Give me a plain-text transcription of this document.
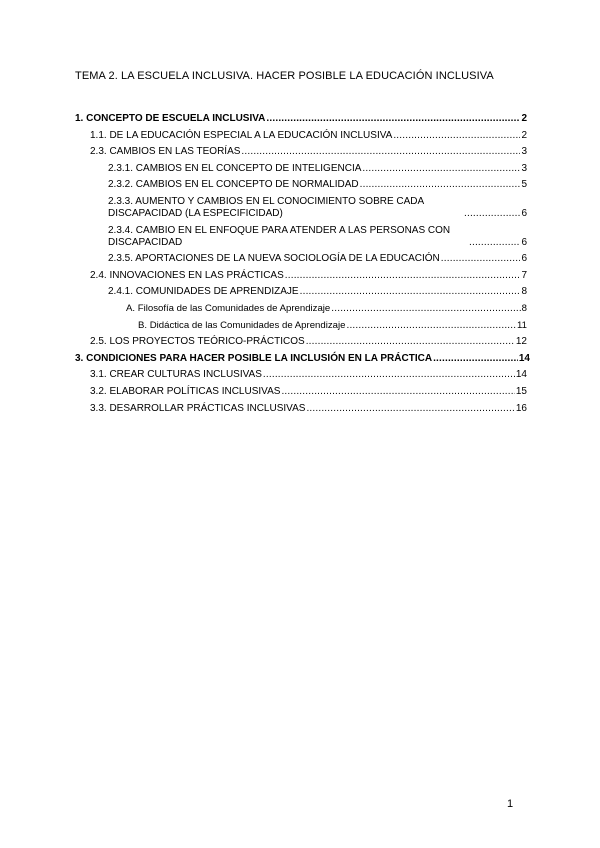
TEMA 2. LA ESCUELA INCLUSIVA. HACER POSIBLE LA EDUCACIÓN INCLUSIVA
1. CONCEPTO DE ESCUELA INCLUSIVA .....	2
1.1. DE LA EDUCACIÓN ESPECIAL A LA EDUCACIÓN INCLUSIVA .....	2
2.3. CAMBIOS EN LAS TEORÍAS .....	3
2.3.1. CAMBIOS EN EL CONCEPTO DE INTELIGENCIA .....	3
2.3.2. CAMBIOS EN EL CONCEPTO DE NORMALIDAD .....	5
2.3.3. AUMENTO Y CAMBIOS EN EL CONOCIMIENTO SOBRE CADA DISCAPACIDAD (LA ESPECIFICIDAD) .....	6
2.3.4. CAMBIO EN EL ENFOQUE PARA ATENDER A LAS PERSONAS CON DISCAPACIDAD .....	6
2.3.5. APORTACIONES DE LA NUEVA SOCIOLOGÍA DE LA EDUCACIÓN .....	6
2.4. INNOVACIONES EN LAS PRÁCTICAS .....	7
2.4.1. COMUNIDADES DE APRENDIZAJE .....	8
A. Filosofía de las Comunidades de Aprendizaje .....	8
B. Didáctica de las Comunidades de Aprendizaje .....	11
2.5. LOS PROYECTOS TEÓRICO-PRÁCTICOS .....	12
3. CONDICIONES PARA HACER POSIBLE LA INCLUSIÓN EN LA PRÁCTICA .....	14
3.1. CREAR CULTURAS INCLUSIVAS .....	14
3.2. ELABORAR POLÍTICAS INCLUSIVAS .....	15
3.3. DESARROLLAR PRÁCTICAS INCLUSIVAS .....	16
1
